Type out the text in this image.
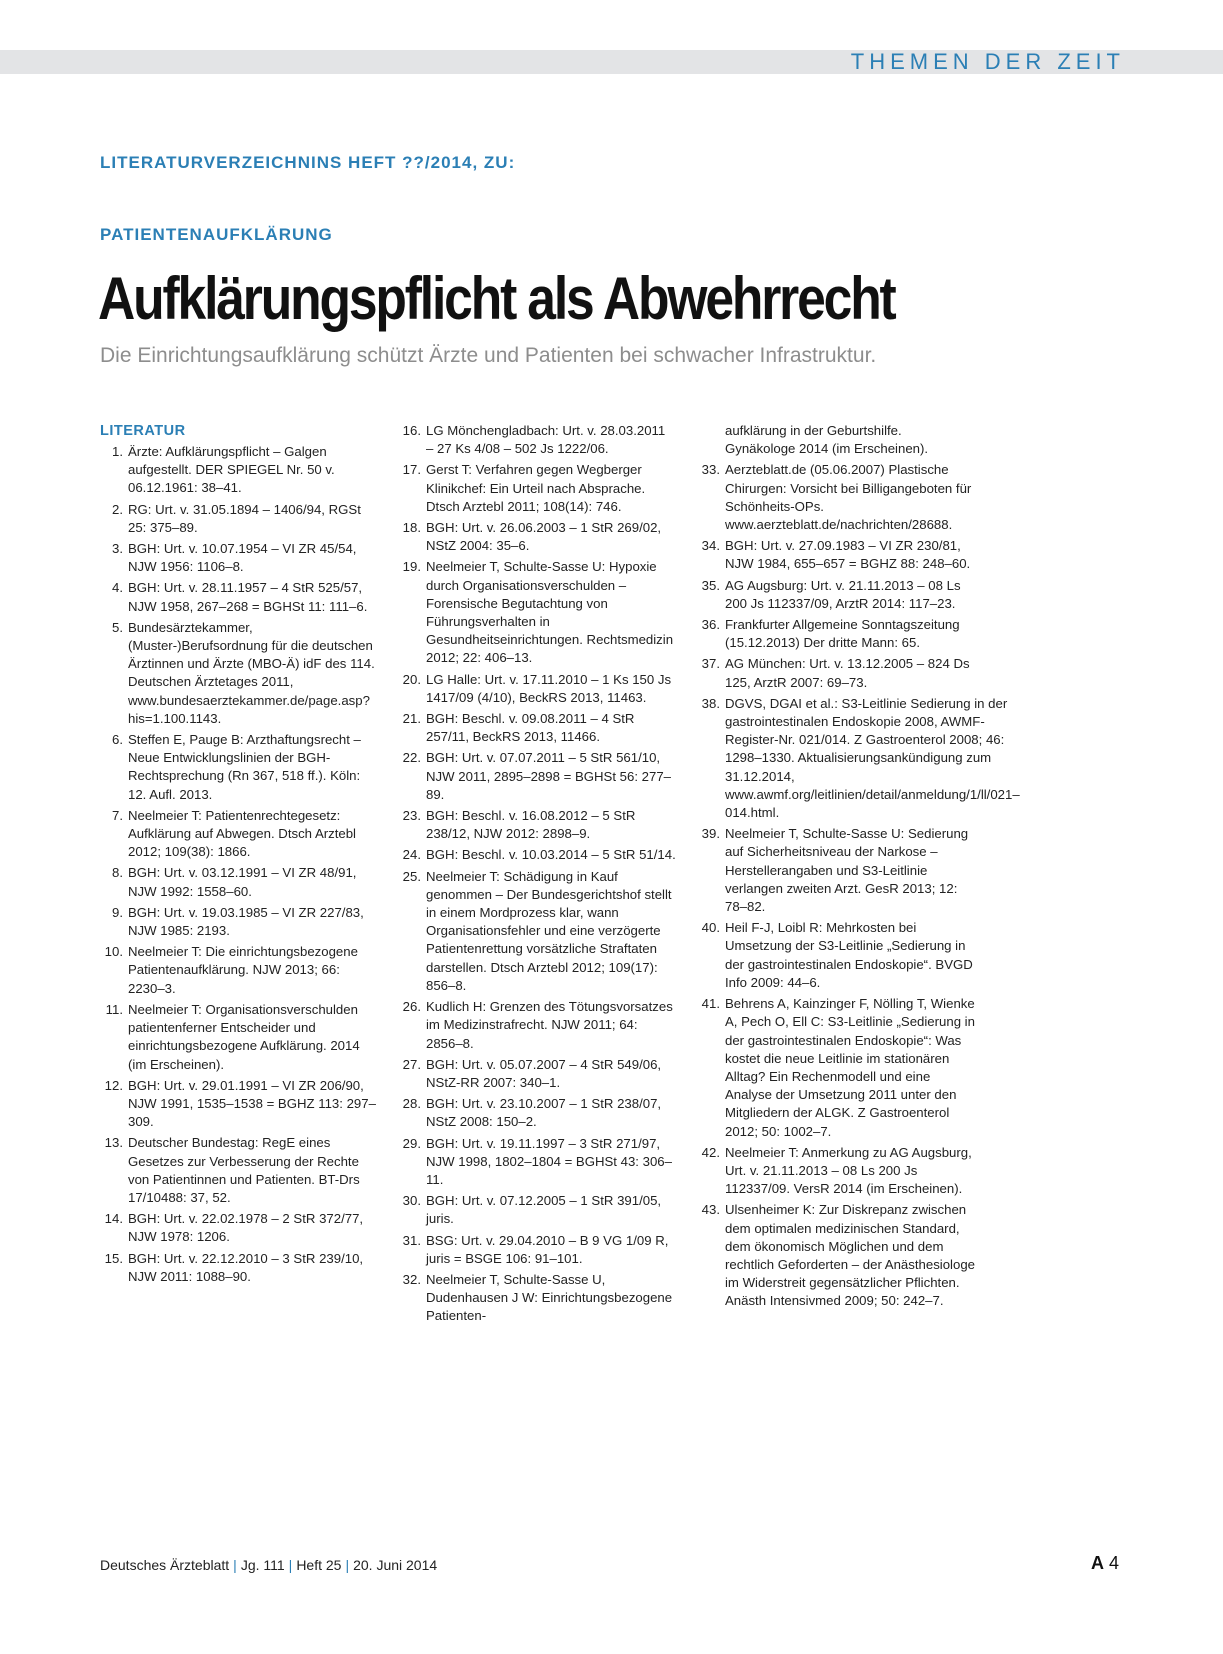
THEMEN DER ZEIT
LITERATURVERZEICHNINS HEFT ??/2014, ZU:
PATIENTENAUFKLÄRUNG
Aufklärungspflicht als Abwehrrecht
Die Einrichtungsaufklärung schützt Ärzte und Patienten bei schwacher Infrastruktur.
LITERATUR
1. Ärzte: Aufklärungspflicht – Galgen aufgestellt. DER SPIEGEL Nr. 50 v. 06.12.1961: 38–41.
2. RG: Urt. v. 31.05.1894 – 1406/94, RGSt 25: 375–89.
3. BGH: Urt. v. 10.07.1954 – VI ZR 45/54, NJW 1956: 1106–8.
4. BGH: Urt. v. 28.11.1957 – 4 StR 525/57, NJW 1958, 267–268 = BGHSt 11: 111–6.
5. Bundesärztekammer, (Muster-)Berufsordnung für die deutschen Ärztinnen und Ärzte (MBO-Ä) idF des 114. Deutschen Ärztetages 2011, www.bundesaerztekammer.de/page.asp?his=1.100.1143.
6. Steffen E, Pauge B: Arzthaftungsrecht – Neue Entwicklungslinien der BGH-Rechtsprechung (Rn 367, 518 ff.). Köln: 12. Aufl. 2013.
7. Neelmeier T: Patientenrechtegesetz: Aufklärung auf Abwegen. Dtsch Arztebl 2012; 109(38): 1866.
8. BGH: Urt. v. 03.12.1991 – VI ZR 48/91, NJW 1992: 1558–60.
9. BGH: Urt. v. 19.03.1985 – VI ZR 227/83, NJW 1985: 2193.
10. Neelmeier T: Die einrichtungsbezogene Patientenaufklärung. NJW 2013; 66: 2230–3.
11. Neelmeier T: Organisationsverschulden patientenferner Entscheider und einrichtungsbezogene Aufklärung. 2014 (im Erscheinen).
12. BGH: Urt. v. 29.01.1991 – VI ZR 206/90, NJW 1991, 1535–1538 = BGHZ 113: 297–309.
13. Deutscher Bundestag: RegE eines Gesetzes zur Verbesserung der Rechte von Patientinnen und Patienten. BT-Drs 17/10488: 37, 52.
14. BGH: Urt. v. 22.02.1978 – 2 StR 372/77, NJW 1978: 1206.
15. BGH: Urt. v. 22.12.2010 – 3 StR 239/10, NJW 2011: 1088–90.
16. LG Mönchengladbach: Urt. v. 28.03.2011 – 27 Ks 4/08 – 502 Js 1222/06.
17. Gerst T: Verfahren gegen Wegberger Klinikchef: Ein Urteil nach Absprache. Dtsch Arztebl 2011; 108(14): 746.
18. BGH: Urt. v. 26.06.2003 – 1 StR 269/02, NStZ 2004: 35–6.
19. Neelmeier T, Schulte-Sasse U: Hypoxie durch Organisationsverschulden – Forensische Begutachtung von Führungsverhalten in Gesundheitseinrichtungen. Rechtsmedizin 2012; 22: 406–13.
20. LG Halle: Urt. v. 17.11.2010 – 1 Ks 150 Js 1417/09 (4/10), BeckRS 2013, 11463.
21. BGH: Beschl. v. 09.08.2011 – 4 StR 257/11, BeckRS 2013, 11466.
22. BGH: Urt. v. 07.07.2011 – 5 StR 561/10, NJW 2011, 2895–2898 = BGHSt 56: 277–89.
23. BGH: Beschl. v. 16.08.2012 – 5 StR 238/12, NJW 2012: 2898–9.
24. BGH: Beschl. v. 10.03.2014 – 5 StR 51/14.
25. Neelmeier T: Schädigung in Kauf genommen – Der Bundesgerichtshof stellt in einem Mordprozess klar, wann Organisationsfehler und eine verzögerte Patientenrettung vorsätzliche Straftaten darstellen. Dtsch Arztebl 2012; 109(17): 856–8.
26. Kudlich H: Grenzen des Tötungsvorsatzes im Medizinstrafrecht. NJW 2011; 64: 2856–8.
27. BGH: Urt. v. 05.07.2007 – 4 StR 549/06, NStZ-RR 2007: 340–1.
28. BGH: Urt. v. 23.10.2007 – 1 StR 238/07, NStZ 2008: 150–2.
29. BGH: Urt. v. 19.11.1997 – 3 StR 271/97, NJW 1998, 1802–1804 = BGHSt 43: 306–11.
30. BGH: Urt. v. 07.12.2005 – 1 StR 391/05, juris.
31. BSG: Urt. v. 29.04.2010 – B 9 VG 1/09 R, juris = BSGE 106: 91–101.
32. Neelmeier T, Schulte-Sasse U, Dudenhausen J W: Einrichtungsbezogene Patienten-
aufklärung in der Geburtshilfe. Gynäkologe 2014 (im Erscheinen).
33. Aerzteblatt.de (05.06.2007) Plastische Chirurgen: Vorsicht bei Billigangeboten für Schönheits-OPs. www.aerzteblatt.de/nachrichten/28688.
34. BGH: Urt. v. 27.09.1983 – VI ZR 230/81, NJW 1984, 655–657 = BGHZ 88: 248–60.
35. AG Augsburg: Urt. v. 21.11.2013 – 08 Ls 200 Js 112337/09, ArztR 2014: 117–23.
36. Frankfurter Allgemeine Sonntagszeitung (15.12.2013) Der dritte Mann: 65.
37. AG München: Urt. v. 13.12.2005 – 824 Ds 125, ArztR 2007: 69–73.
38. DGVS, DGAI et al.: S3-Leitlinie Sedierung in der gastrointestinalen Endoskopie 2008, AWMF-Register-Nr. 021/014. Z Gastroenterol 2008; 46: 1298–1330. Aktualisierungsankündigung zum 31.12.2014, www.awmf.org/leitlinien/detail/anmeldung/1/ll/021–014.html.
39. Neelmeier T, Schulte-Sasse U: Sedierung auf Sicherheitsniveau der Narkose – Herstellerangaben und S3-Leitlinie verlangen zweiten Arzt. GesR 2013; 12: 78–82.
40. Heil F-J, Loibl R: Mehrkosten bei Umsetzung der S3-Leitlinie „Sedierung in der gastrointestinalen Endoskopie“. BVGD Info 2009: 44–6.
41. Behrens A, Kainzinger F, Nölling T, Wienke A, Pech O, Ell C: S3-Leitlinie „Sedierung in der gastrointestinalen Endoskopie“: Was kostet die neue Leitlinie im stationären Alltag? Ein Rechenmodell und eine Analyse der Umsetzung 2011 unter den Mitgliedern der ALGK. Z Gastroenterol 2012; 50: 1002–7.
42. Neelmeier T: Anmerkung zu AG Augsburg, Urt. v. 21.11.2013 – 08 Ls 200 Js 112337/09. VersR 2014 (im Erscheinen).
43. Ulsenheimer K: Zur Diskrepanz zwischen dem optimalen medizinischen Standard, dem ökonomisch Möglichen und dem rechtlich Geforderten – der Anästhesiologe im Widerstreit gegensätzlicher Pflichten. Anästh Intensivmed 2009; 50: 242–7.
Deutsches Ärzteblatt | Jg. 111 | Heft 25 | 20. Juni 2014	A 4
